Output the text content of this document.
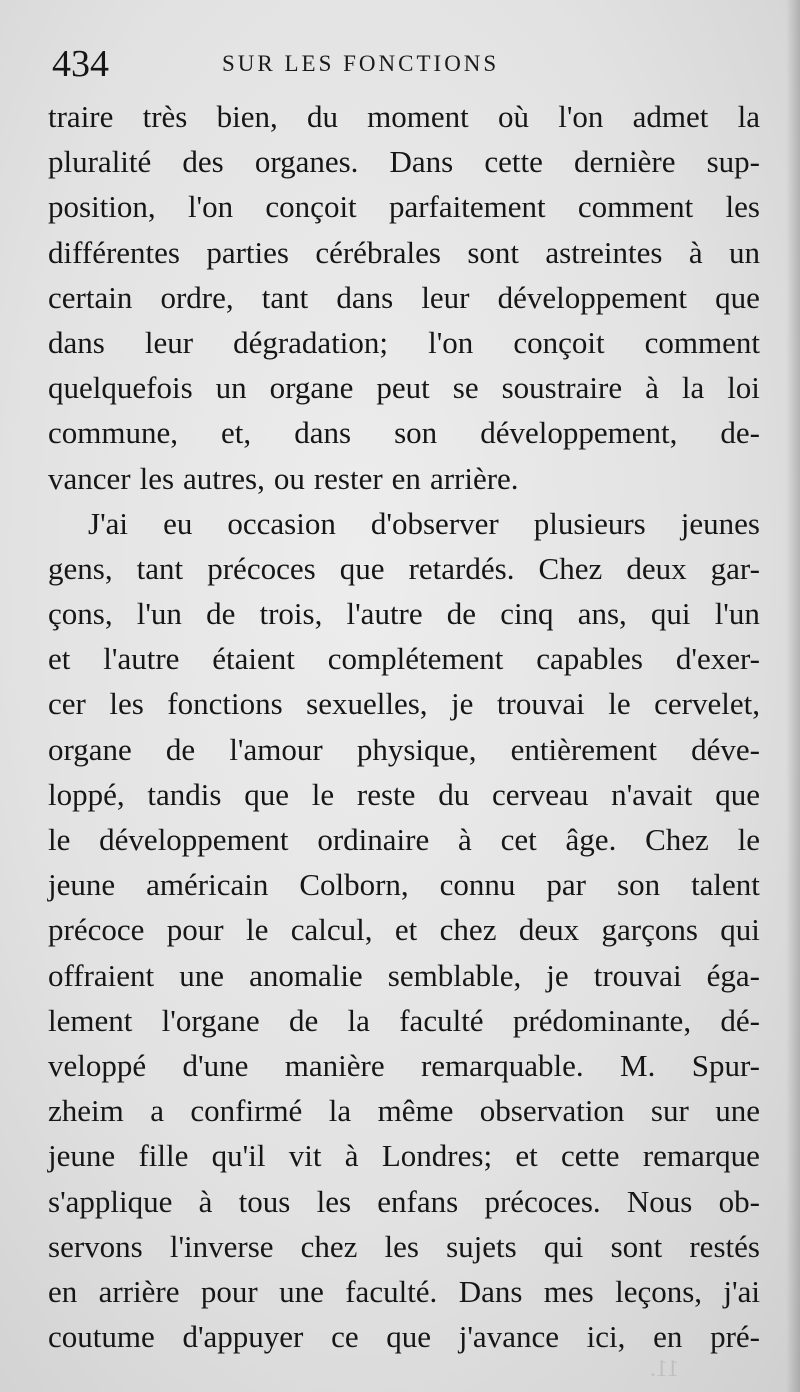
434	SUR LES FONCTIONS
traire très bien, du moment où l'on admet la
pluralité des organes. Dans cette dernière sup-
position, l'on conçoit parfaitement comment les
différentes parties cérébrales sont astreintes à un
certain ordre, tant dans leur développement que
dans leur dégradation; l'on conçoit comment
quelquefois un organe peut se soustraire à la loi
commune, et, dans son développement, de-
vancer les autres, ou rester en arrière.
J'ai eu occasion d'observer plusieurs jeunes
gens, tant précoces que retardés. Chez deux gar-
çons, l'un de trois, l'autre de cinq ans, qui l'un
et l'autre étaient complétement capables d'exer-
cer les fonctions sexuelles, je trouvai le cervelet,
organe de l'amour physique, entièrement déve-
loppé, tandis que le reste du cerveau n'avait que
le développement ordinaire à cet âge. Chez le
jeune américain Colborn, connu par son talent
précoce pour le calcul, et chez deux garçons qui
offraient une anomalie semblable, je trouvai éga-
lement l'organe de la faculté prédominante, dé-
veloppé d'une manière remarquable. M. Spur-
zheim a confirmé la même observation sur une
jeune fille qu'il vit à Londres; et cette remarque
s'applique à tous les enfans précoces. Nous ob-
servons l'inverse chez les sujets qui sont restés
en arrière pour une faculté. Dans mes leçons, j'ai
coutume d'appuyer ce que j'avance ici, en pré-
11.
